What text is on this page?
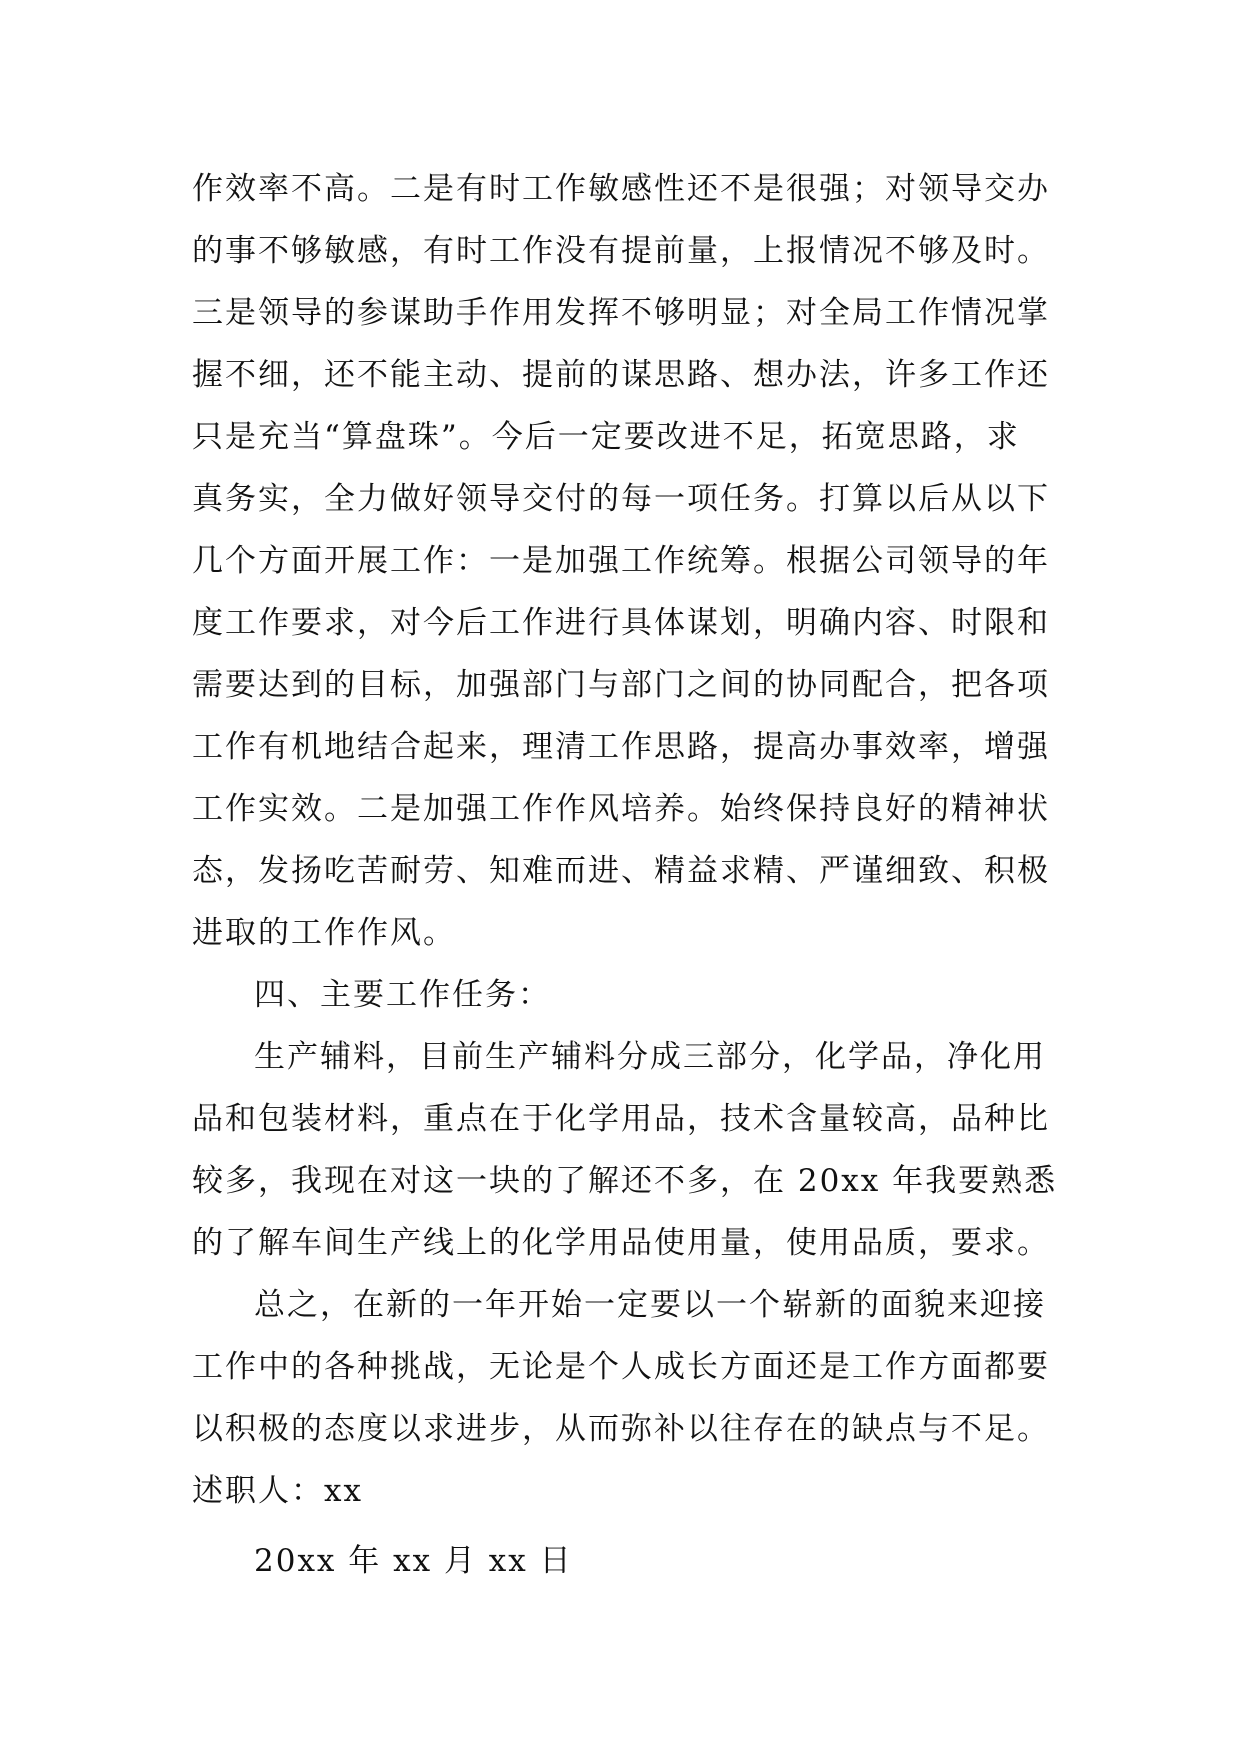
作效率不高。二是有时工作敏感性还不是很强；对领导交办
的事不够敏感，有时工作没有提前量，上报情况不够及时。
三是领导的参谋助手作用发挥不够明显；对全局工作情况掌
握不细，还不能主动、提前的谋思路、想办法，许多工作还
只是充当“算盘珠”。今后一定要改进不足，拓宽思路，求
真务实，全力做好领导交付的每一项任务。打算以后从以下
几个方面开展工作：一是加强工作统筹。根据公司领导的年
度工作要求，对今后工作进行具体谋划，明确内容、时限和
需要达到的目标，加强部门与部门之间的协同配合，把各项
工作有机地结合起来，理清工作思路，提高办事效率，增强
工作实效。二是加强工作作风培养。始终保持良好的精神状
态，发扬吃苦耐劳、知难而进、精益求精、严谨细致、积极
进取的工作作风。
四、主要工作任务：
生产辅料，目前生产辅料分成三部分，化学品，净化用
品和包装材料，重点在于化学用品，技术含量较高，品种比
较多，我现在对这一块的了解还不多，在 20xx 年我要熟悉
的了解车间生产线上的化学用品使用量，使用品质，要求。
总之，在新的一年开始一定要以一个崭新的面貌来迎接
工作中的各种挑战，无论是个人成长方面还是工作方面都要
以积极的态度以求进步，从而弥补以往存在的缺点与不足。
述职人：xx
20xx 年 xx 月 xx 日
